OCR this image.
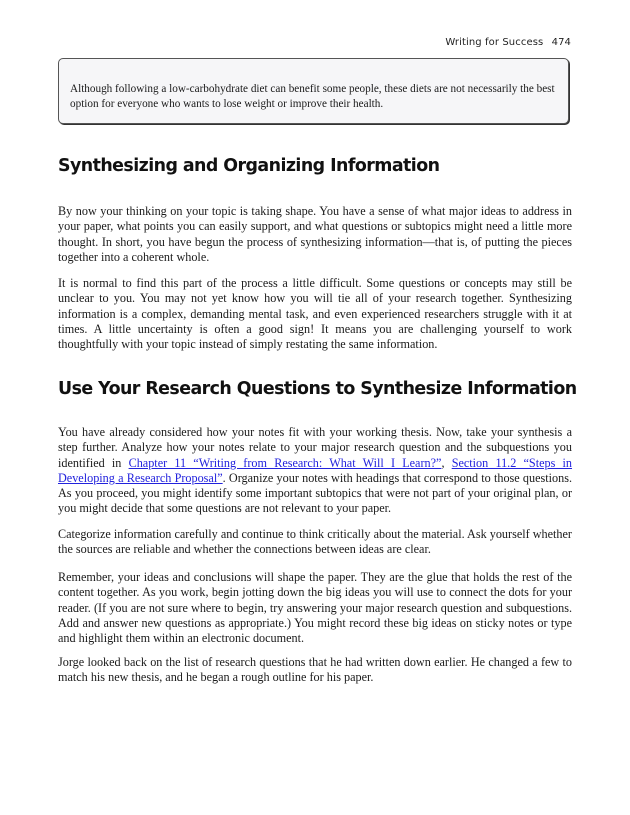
Writing for Success 474
Although following a low-carbohydrate diet can benefit some people, these diets are not necessarily the best option for everyone who wants to lose weight or improve their health.
Synthesizing and Organizing Information

By now your thinking on your topic is taking shape. You have a sense of what major ideas to address in your paper, what points you can easily support, and what questions or subtopics might need a little more thought. In short, you have begun the process of synthesizing information—that is, of putting the pieces together into a coherent whole.

It is normal to find this part of the process a little difficult. Some questions or concepts may still be unclear to you. You may not yet know how you will tie all of your research together. Synthesizing information is a complex, demanding mental task, and even experienced researchers struggle with it at times. A little uncertainty is often a good sign! It means you are challenging yourself to work thoughtfully with your topic instead of simply restating the same information.

Use Your Research Questions to Synthesize Information

You have already considered how your notes fit with your working thesis. Now, take your synthesis a step further. Analyze how your notes relate to your major research question and the subquestions you identified in Chapter 11 “Writing from Research: What Will I Learn?”, Section 11.2 “Steps in Developing a Research Proposal”. Organize your notes with headings that correspond to those questions. As you proceed, you might identify some important subtopics that were not part of your original plan, or you might decide that some questions are not relevant to your paper.

Categorize information carefully and continue to think critically about the material. Ask yourself whether the sources are reliable and whether the connections between ideas are clear.

Remember, your ideas and conclusions will shape the paper. They are the glue that holds the rest of the content together. As you work, begin jotting down the big ideas you will use to connect the dots for your reader. (If you are not sure where to begin, try answering your major research question and subquestions. Add and answer new questions as appropriate.) You might record these big ideas on sticky notes or type and highlight them within an electronic document.

Jorge looked back on the list of research questions that he had written down earlier. He changed a few to match his new thesis, and he began a rough outline for his paper.
